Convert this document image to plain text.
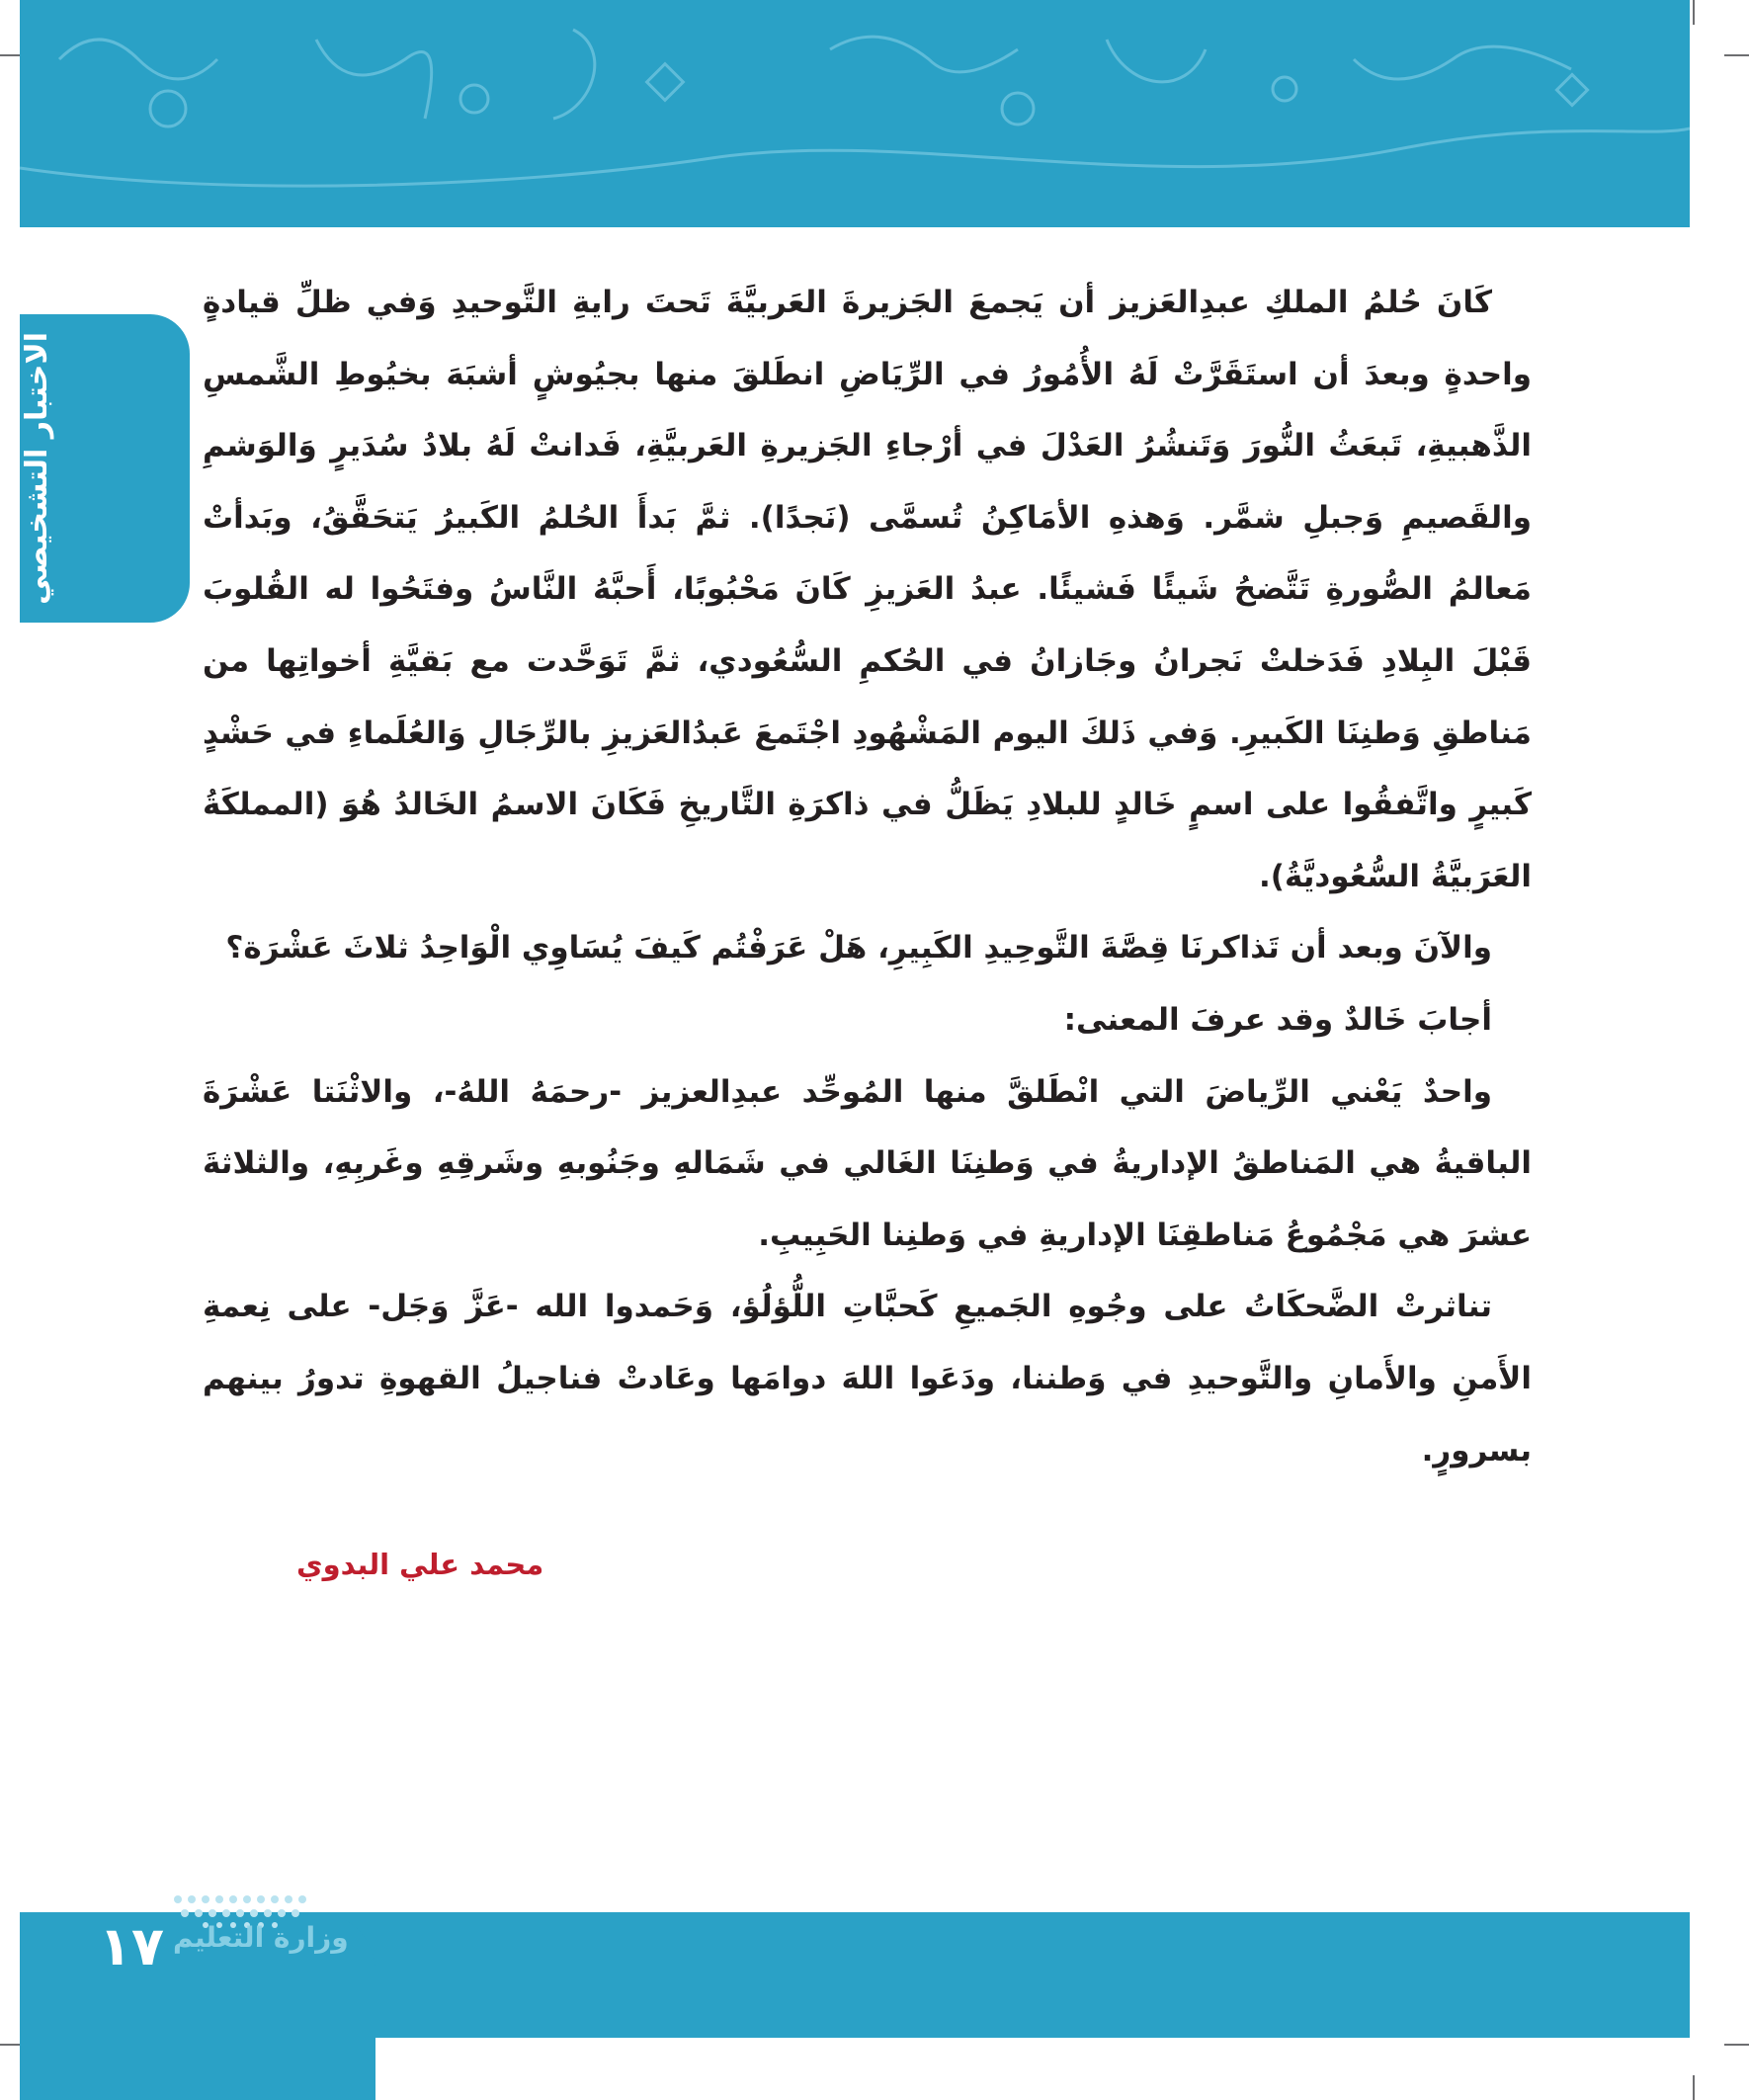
الاختبار التشخيصي

كَانَ حُلمُ الملكِ عبدِالعَزيز أن يَجمعَ الجَزيرةَ العَربيَّةَ تَحتَ رايةِ التَّوحيدِ وَفي ظلِّ قيادةٍ واحدةٍ وبعدَ أن استَقَرَّتْ لَهُ الأُمُورُ في الرِّيَاضِ انطَلقَ منها بجيُوشٍ أشبَهَ بخيُوطِ الشَّمسِ الذَّهبيةِ، تَبعَثُ النُّورَ وَتَنشُرُ العَدْلَ في أرْجاءِ الجَزيرةِ العَربيَّةِ، فَدانتْ لَهُ بلادُ سُدَيرٍ وَالوَشمِ والقَصيمِ وَجبلِ شمَّر. وَهذهِ الأمَاكِنُ تُسمَّى (نَجدًا). ثمَّ بَدأَ الحُلمُ الكَبيرُ يَتحَقَّقُ، وبَدأتْ مَعالمُ الصُّورةِ تَتَّضحُ شَيئًا فَشيئًا. عبدُ العَزيزِ كَانَ مَحْبُوبًا، أَحبَّهُ النَّاسُ وفتَحُوا له القُلوبَ قَبْلَ البِلادِ فَدَخلتْ نَجرانُ وجَازانُ في الحُكمِ السُّعُودي، ثمَّ تَوَحَّدت مع بَقيَّةِ أخواتِها من مَناطقِ وَطنِنَا الكَبيرِ. وَفي ذَلكَ اليوم المَشْهُودِ اجْتَمعَ عَبدُالعَزيزِ بالرِّجَالِ وَالعُلَماءِ في حَشْدٍ كَبيرٍ واتَّفقُوا على اسمٍ خَالدٍ للبلادِ يَظَلُّ في ذاكرَةِ التَّاريخِ فَكَانَ الاسمُ الخَالدُ هُوَ (المملكَةُ العَرَبيَّةُ السُّعُوديَّةُ).

والآنَ وبعد أن تَذاكرنَا قِصَّةَ التَّوحِيدِ الكَبِيرِ، هَلْ عَرَفْتُم كَيفَ يُسَاوِي الْوَاحِدُ ثلاثَ عَشْرَة؟

أجابَ خَالدٌ وقد عرفَ المعنى:

واحدٌ يَعْني الرِّياضَ التي انْطَلقَّ منها المُوحِّد عبدِالعزيز -رحمَهُ اللهُ-، والاثْنَتا عَشْرَةَ الباقيةُ هي المَناطقُ الإداريةُ في وَطنِنَا الغَالي في شَمَالهِ وجَنُوبهِ وشَرقِهِ وغَربِهِ، والثلاثةَ عشرَ هي مَجْمُوعُ مَناطقِنَا الإداريةِ في وَطنِنا الحَبِيبِ.

تناثرتْ الضَّحكَاتُ على وجُوهِ الجَميعِ كَحبَّاتِ اللُّؤلُؤ، وَحَمدوا الله -عَزَّ وَجَل- على نِعمةِ الأَمنِ والأَمانِ والتَّوحيدِ في وَطننا، ودَعَوا اللهَ دوامَها وعَادتْ فناجيلُ القهوةِ تدورُ بينهم بسرورٍ.

محمد علي البدوي
وزارة التعليم
١٧
